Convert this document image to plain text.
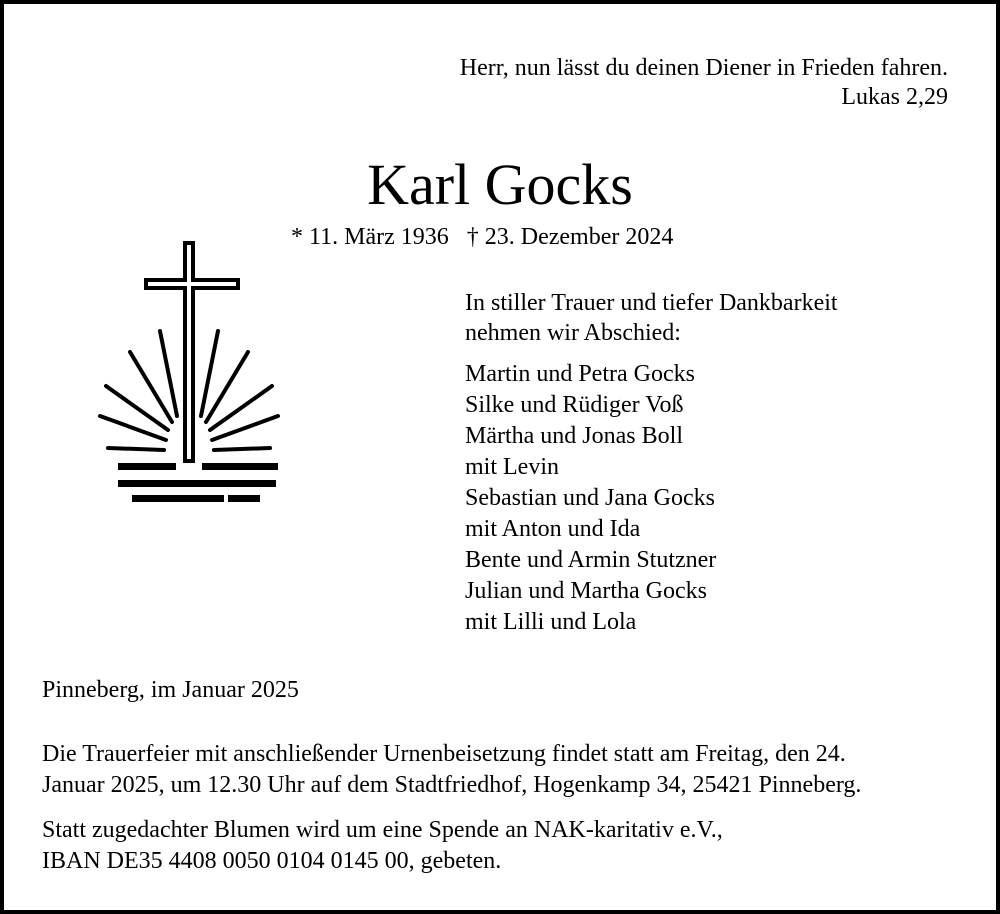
Herr, nun lässt du deinen Diener in Frieden fahren.
Lukas 2,29
Karl Gocks
* 11. März 1936 † 23. Dezember 2024
In stiller Trauer und tiefer Dankbarkeit
nehmen wir Abschied:
Martin und Petra Gocks
Silke und Rüdiger Voß
Märtha und Jonas Boll
mit Levin
Sebastian und Jana Gocks
mit Anton und Ida
Bente und Armin Stutzner
Julian und Martha Gocks
mit Lilli und Lola
Pinneberg, im Januar 2025
Die Trauerfeier mit anschließender Urnenbeisetzung findet statt am Freitag, den 24.
Januar 2025, um 12.30 Uhr auf dem Stadtfriedhof, Hogenkamp 34, 25421 Pinneberg.
Statt zugedachter Blumen wird um eine Spende an NAK-karitativ e.V.,
IBAN DE35 4408 0050 0104 0145 00, gebeten.
